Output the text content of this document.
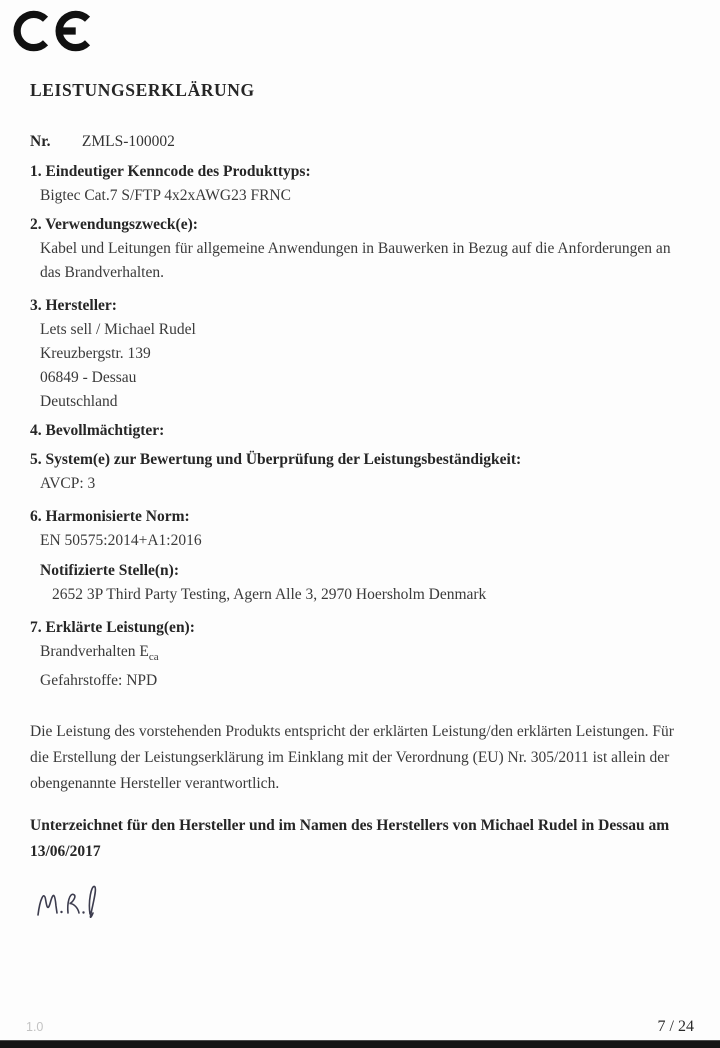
LEISTUNGSERKLÄRUNG
Nr. ZMLS-100002
1. Eindeutiger Kenncode des Produkttyps:
Bigtec Cat.7 S/FTP 4x2xAWG23 FRNC
2. Verwendungszweck(e):
Kabel und Leitungen für allgemeine Anwendungen in Bauwerken in Bezug auf die Anforderungen an das Brandverhalten.
3. Hersteller:
Lets sell / Michael Rudel
Kreuzbergstr. 139
06849 - Dessau
Deutschland
4. Bevollmächtigter:
5. System(e) zur Bewertung und Überprüfung der Leistungsbeständigkeit:
AVCP: 3
6. Harmonisierte Norm:
EN 50575:2014+A1:2016
Notifizierte Stelle(n):
2652 3P Third Party Testing, Agern Alle 3, 2970 Hoersholm Denmark
7. Erklärte Leistung(en):
Brandverhalten $E_{ca}$
Gefahrstoffe: NPD
Die Leistung des vorstehenden Produkts entspricht der erklärten Leistung/den erklärten Leistungen. Für die Erstellung der Leistungserklärung im Einklang mit der Verordnung (EU) Nr. 305/2011 ist allein der obengenannte Hersteller verantwortlich.
Unterzeichnet für den Hersteller und im Namen des Herstellers von Michael Rudel in Dessau am 13/06/2017
1.0	7 / 24
